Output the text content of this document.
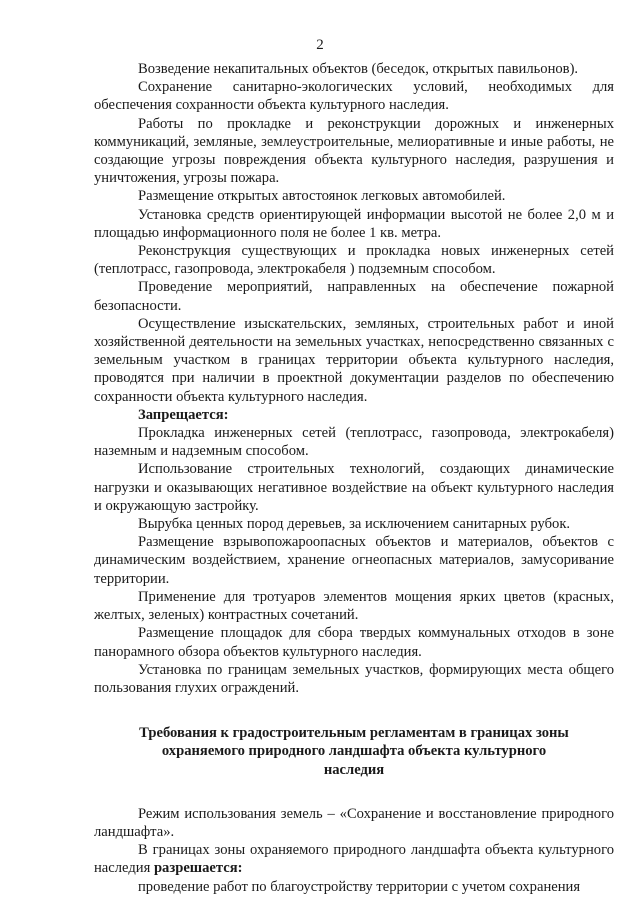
2

Возведение некапитальных объектов (беседок, открытых павильонов).

Сохранение санитарно-экологических условий, необходимых для обеспечения сохранности объекта культурного наследия.

Работы по прокладке и реконструкции дорожных и инженерных коммуникаций, земляные, землеустроительные, мелиоративные и иные работы, не создающие угрозы повреждения объекта культурного наследия, разрушения и уничтожения, угрозы пожара.

Размещение открытых автостоянок легковых автомобилей.

Установка средств ориентирующей информации высотой не более 2,0 м и площадью информационного поля не более 1 кв. метра.

Реконструкция существующих и прокладка новых инженерных сетей (теплотрасс, газопровода, электрокабеля ) подземным способом.

Проведение мероприятий, направленных на обеспечение пожарной безопасности.

Осуществление изыскательских, земляных, строительных работ и иной хозяйственной деятельности на земельных участках, непосредственно связанных с земельным участком в границах территории объекта культурного наследия, проводятся при наличии в проектной документации разделов по обеспечению сохранности объекта культурного наследия.

Запрещается:

Прокладка инженерных сетей (теплотрасс, газопровода, электрокабеля) наземным и надземным способом.

Использование строительных технологий, создающих динамические нагрузки и оказывающих негативное воздействие на объект культурного наследия и окружающую застройку.

Вырубка ценных пород деревьев, за исключением санитарных рубок.

Размещение взрывопожароопасных объектов и материалов, объектов с динамическим воздействием, хранение огнеопасных материалов, замусоривание территории.

Применение для тротуаров элементов мощения ярких цветов (красных, желтых, зеленых) контрастных сочетаний.

Размещение площадок для сбора твердых коммунальных отходов в зоне панорамного обзора объектов культурного наследия.

Установка по границам земельных участков, формирующих места общего пользования глухих ограждений.

Требования к градостроительным регламентам в границах зоны
охраняемого природного ландшафта объекта культурного
наследия

Режим использования земель – «Сохранение и восстановление природного ландшафта».

В границах зоны охраняемого природного ландшафта объекта культурного наследия разрешается:

проведение работ по благоустройству территории с учетом сохранения
